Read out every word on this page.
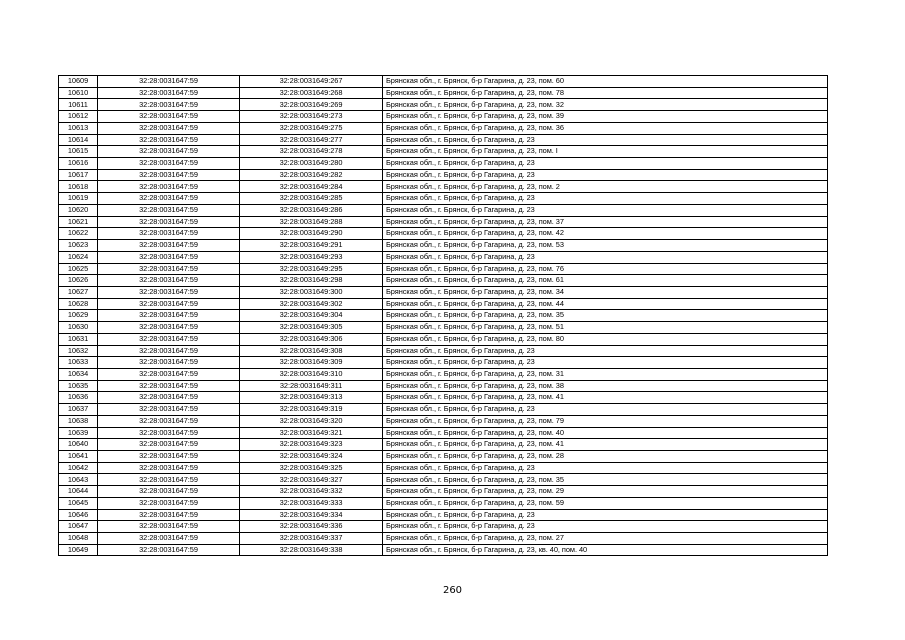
10609	32:28:0031647:59	32:28:0031649:267	Брянская обл., г. Брянск, б-р Гагарина, д. 23, пом. 60
10610	32:28:0031647:59	32:28:0031649:268	Брянская обл., г. Брянск, б-р Гагарина, д. 23, пом. 78
10611	32:28:0031647:59	32:28:0031649:269	Брянская обл., г. Брянск, б-р Гагарина, д. 23, пом. 32
10612	32:28:0031647:59	32:28:0031649:273	Брянская обл., г. Брянск, б-р Гагарина, д. 23, пом. 39
10613	32:28:0031647:59	32:28:0031649:275	Брянская обл., г. Брянск, б-р Гагарина, д. 23, пом. 36
10614	32:28:0031647:59	32:28:0031649:277	Брянская обл., г. Брянск, б-р Гагарина, д. 23
10615	32:28:0031647:59	32:28:0031649:278	Брянская обл., г. Брянск, б-р Гагарина, д. 23, пом. I
10616	32:28:0031647:59	32:28:0031649:280	Брянская обл., г. Брянск, б-р Гагарина, д. 23
10617	32:28:0031647:59	32:28:0031649:282	Брянская обл., г. Брянск, б-р Гагарина, д. 23
10618	32:28:0031647:59	32:28:0031649:284	Брянская обл., г. Брянск, б-р Гагарина, д. 23, пом. 2
10619	32:28:0031647:59	32:28:0031649:285	Брянская обл., г. Брянск, б-р Гагарина, д. 23
10620	32:28:0031647:59	32:28:0031649:286	Брянская обл., г. Брянск, б-р Гагарина, д. 23
10621	32:28:0031647:59	32:28:0031649:288	Брянская обл., г. Брянск, б-р Гагарина, д. 23, пом. 37
10622	32:28:0031647:59	32:28:0031649:290	Брянская обл., г. Брянск, б-р Гагарина, д. 23, пом. 42
10623	32:28:0031647:59	32:28:0031649:291	Брянская обл., г. Брянск, б-р Гагарина, д. 23, пом. 53
10624	32:28:0031647:59	32:28:0031649:293	Брянская обл., г. Брянск, б-р Гагарина, д. 23
10625	32:28:0031647:59	32:28:0031649:295	Брянская обл., г. Брянск, б-р Гагарина, д. 23, пом. 76
10626	32:28:0031647:59	32:28:0031649:298	Брянская обл., г. Брянск, б-р Гагарина, д. 23, пом. 61
10627	32:28:0031647:59	32:28:0031649:300	Брянская обл., г. Брянск, б-р Гагарина, д. 23, пом. 34
10628	32:28:0031647:59	32:28:0031649:302	Брянская обл., г. Брянск, б-р Гагарина, д. 23, пом. 44
10629	32:28:0031647:59	32:28:0031649:304	Брянская обл., г. Брянск, б-р Гагарина, д. 23, пом. 35
10630	32:28:0031647:59	32:28:0031649:305	Брянская обл., г. Брянск, б-р Гагарина, д. 23, пом. 51
10631	32:28:0031647:59	32:28:0031649:306	Брянская обл., г. Брянск, б-р Гагарина, д. 23, пом. 80
10632	32:28:0031647:59	32:28:0031649:308	Брянская обл., г. Брянск, б-р Гагарина, д. 23
10633	32:28:0031647:59	32:28:0031649:309	Брянская обл., г. Брянск, б-р Гагарина, д. 23
10634	32:28:0031647:59	32:28:0031649:310	Брянская обл., г. Брянск, б-р Гагарина, д. 23, пом. 31
10635	32:28:0031647:59	32:28:0031649:311	Брянская обл., г. Брянск, б-р Гагарина, д. 23, пом. 38
10636	32:28:0031647:59	32:28:0031649:313	Брянская обл., г. Брянск, б-р Гагарина, д. 23, пом. 41
10637	32:28:0031647:59	32:28:0031649:319	Брянская обл., г. Брянск, б-р Гагарина, д. 23
10638	32:28:0031647:59	32:28:0031649:320	Брянская обл., г. Брянск, б-р Гагарина, д. 23, пом. 79
10639	32:28:0031647:59	32:28:0031649:321	Брянская обл., г. Брянск, б-р Гагарина, д. 23, пом. 40
10640	32:28:0031647:59	32:28:0031649:323	Брянская обл., г. Брянск, б-р Гагарина, д. 23, пом. 41
10641	32:28:0031647:59	32:28:0031649:324	Брянская обл., г. Брянск, б-р Гагарина, д. 23, пом. 28
10642	32:28:0031647:59	32:28:0031649:325	Брянская обл., г. Брянск, б-р Гагарина, д. 23
10643	32:28:0031647:59	32:28:0031649:327	Брянская обл., г. Брянск, б-р Гагарина, д. 23, пом. 35
10644	32:28:0031647:59	32:28:0031649:332	Брянская обл., г. Брянск, б-р Гагарина, д. 23, пом. 29
10645	32:28:0031647:59	32:28:0031649:333	Брянская обл., г. Брянск, б-р Гагарина, д. 23, пом. 59
10646	32:28:0031647:59	32:28:0031649:334	Брянская обл., г. Брянск, б-р Гагарина, д. 23
10647	32:28:0031647:59	32:28:0031649:336	Брянская обл., г. Брянск, б-р Гагарина, д. 23
10648	32:28:0031647:59	32:28:0031649:337	Брянская обл., г. Брянск, б-р Гагарина, д. 23, пом. 27
10649	32:28:0031647:59	32:28:0031649:338	Брянская обл., г. Брянск, б-р Гагарина, д. 23, кв. 40, пом. 40
260
